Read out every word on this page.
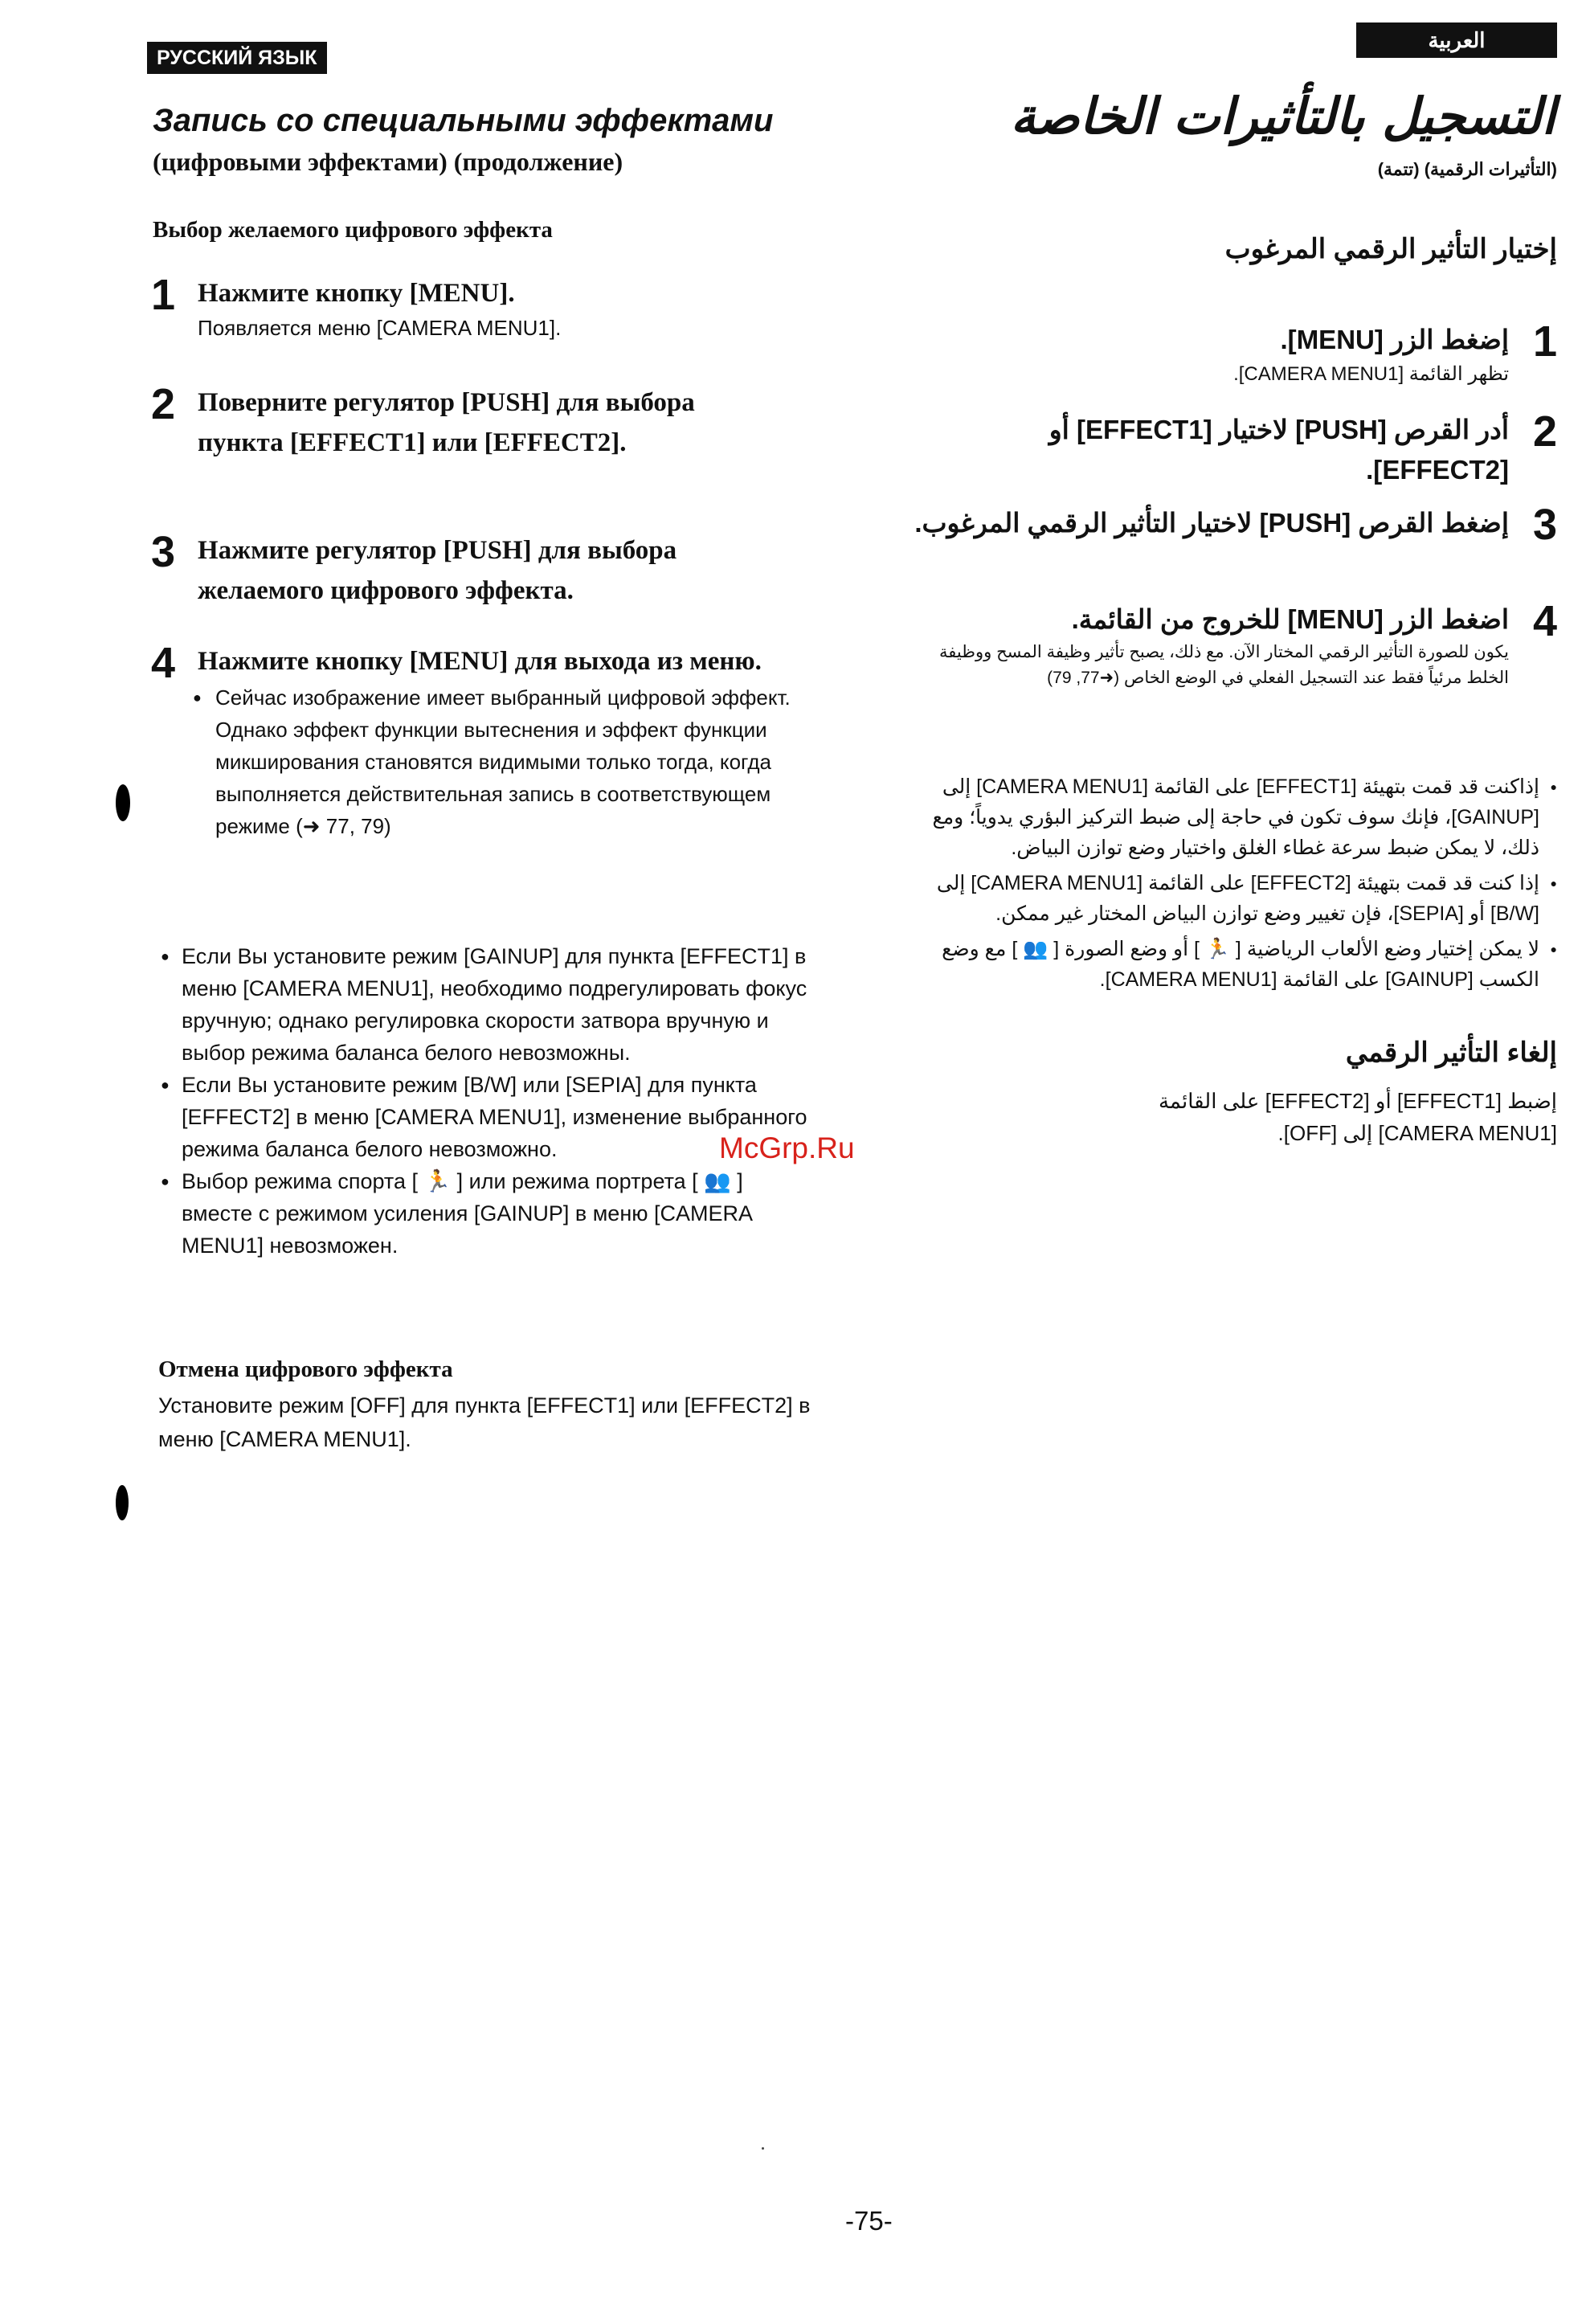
РУССКИЙ ЯЗЫК
العربية
Запись со специальными эффектами
(цифровыми эффектами) (продолжение)
Выбор желаемого цифрового эффекта
1 Нажмите кнопку [MENU].
Появляется меню [CAMERA MENU1].
2 Поверните регулятор [PUSH] для выбора пункта [EFFECT1] или [EFFECT2].
3 Нажмите регулятор [PUSH] для выбора желаемого цифрового эффекта.
4 Нажмите кнопку [MENU] для выхода из меню.
● Сейчас изображение имеет выбранный цифровой эффект. Однако эффект функции вытеснения и эффект функции микширования становятся видимыми только тогда, когда выполняется действительная запись в соответствующем режиме (➜ 77, 79)
● Если Вы установите режим [GAINUP] для пункта [EFFECT1] в меню [CAMERA MENU1], необходимо подрегулировать фокус вручную; однако регулировка скорости затвора вручную и выбор режима баланса белого невозможны.
● Если Вы установите режим [B/W] или [SEPIA] для пункта [EFFECT2] в меню [CAMERA MENU1], изменение выбранного режима баланса белого невозможно.
● Выбор режима спорта [ 🏃 ] или режима портрета [ 👥 ] вместе с режимом усиления [GAINUP] в меню [CAMERA MENU1] невозможен.
Отмена цифрового эффекта
Установите режим [OFF] для пункта [EFFECT1] или [EFFECT2] в меню [CAMERA MENU1].
التسجيل بالتأثيرات الخاصة
(التأثيرات الرقمية) (تتمة)
إختيار التأثير الرقمي المرغوب
1
إضغط الزر [MENU].
تظهر القائمة [CAMERA MENU1].
2
أدر القرص [PUSH] لاختيار [EFFECT1] أو [EFFECT2].
3
إضغط القرص [PUSH] لاختيار التأثير الرقمي المرغوب.
4
اضغط الزر [MENU] للخروج من القائمة.
يكون للصورة التأثير الرقمي المختار الآن. مع ذلك، يصبح تأثير وظيفة المسح ووظيفة الخلط مرئياً فقط عند التسجيل الفعلي في الوضع الخاص (➜77, 79)
● إذاكنت قد قمت بتهيئة [EFFECT1] على القائمة [CAMERA MENU1] إلى [GAINUP]، فإنك سوف تكون في حاجة إلى ضبط التركيز البؤري يدوياً؛ ومع ذلك، لا يمكن ضبط سرعة غطاء الغلق واختيار وضع توازن البياض.
● إذا كنت قد قمت بتهيئة [EFFECT2] على القائمة [CAMERA MENU1] إلى [B/W] أو [SEPIA]، فإن تغيير وضع توازن البياض المختار غير ممكن.
● لا يمكن إختيار وضع الألعاب الرياضية [ 🏃 ] أو وضع الصورة [ 👥 ] مع وضع الكسب [GAINUP] على القائمة [CAMERA MENU1].
إلغاء التأثير الرقمي
إضبط [EFFECT1] أو [EFFECT2] على القائمة [CAMERA MENU1] إلى [OFF].
McGrp.Ru
-75-
